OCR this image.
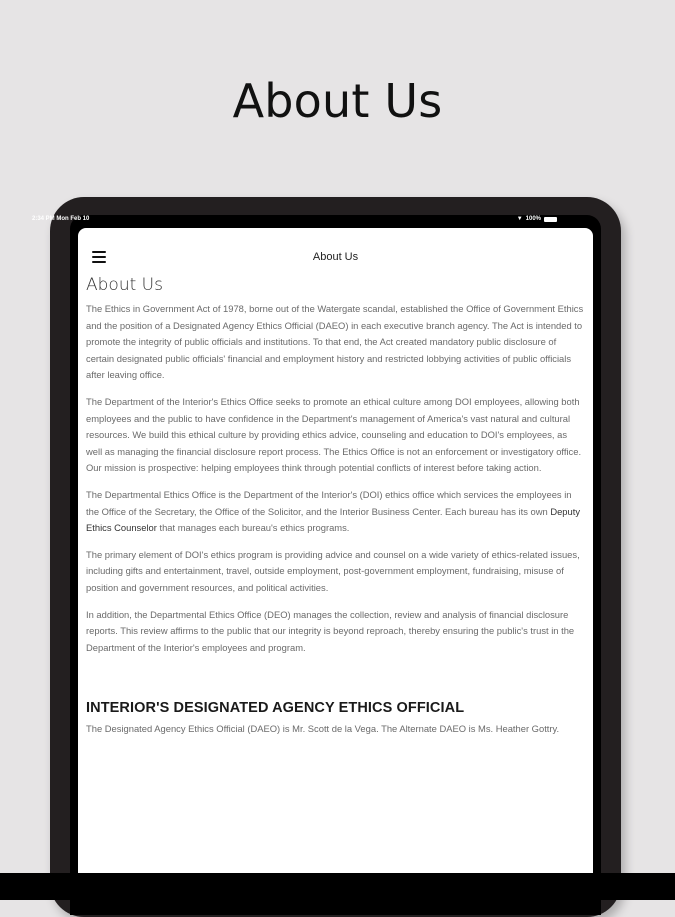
About Us
2:34 PM Mon Feb 10	▼ 100%
About Us
About Us

The Ethics in Government Act of 1978, borne out of the Watergate scandal, established the Office of Government Ethics and the position of a Designated Agency Ethics Official (DAEO) in each executive branch agency. The Act is intended to promote the integrity of public officials and institutions. To that end, the Act created mandatory public disclosure of certain designated public officials' financial and employment history and restricted lobbying activities of public officials after leaving office.

The Department of the Interior's Ethics Office seeks to promote an ethical culture among DOI employees, allowing both employees and the public to have confidence in the Department's management of America's vast natural and cultural resources. We build this ethical culture by providing ethics advice, counseling and education to DOI's employees, as well as managing the financial disclosure report process. The Ethics Office is not an enforcement or investigatory office. Our mission is prospective: helping employees think through potential conflicts of interest before taking action.

The Departmental Ethics Office is the Department of the Interior's (DOI) ethics office which services the employees in the Office of the Secretary, the Office of the Solicitor, and the Interior Business Center. Each bureau has its own Deputy Ethics Counselor that manages each bureau's ethics programs.

The primary element of DOI's ethics program is providing advice and counsel on a wide variety of ethics-related issues, including gifts and entertainment, travel, outside employment, post-government employment, fundraising, misuse of position and government resources, and political activities.

In addition, the Departmental Ethics Office (DEO) manages the collection, review and analysis of financial disclosure reports. This review affirms to the public that our integrity is beyond reproach, thereby ensuring the public's trust in the Department of the Interior's employees and program.

INTERIOR'S DESIGNATED AGENCY ETHICS OFFICIAL

The Designated Agency Ethics Official (DAEO) is Mr. Scott de la Vega. The Alternate DAEO is Ms. Heather Gottry.
